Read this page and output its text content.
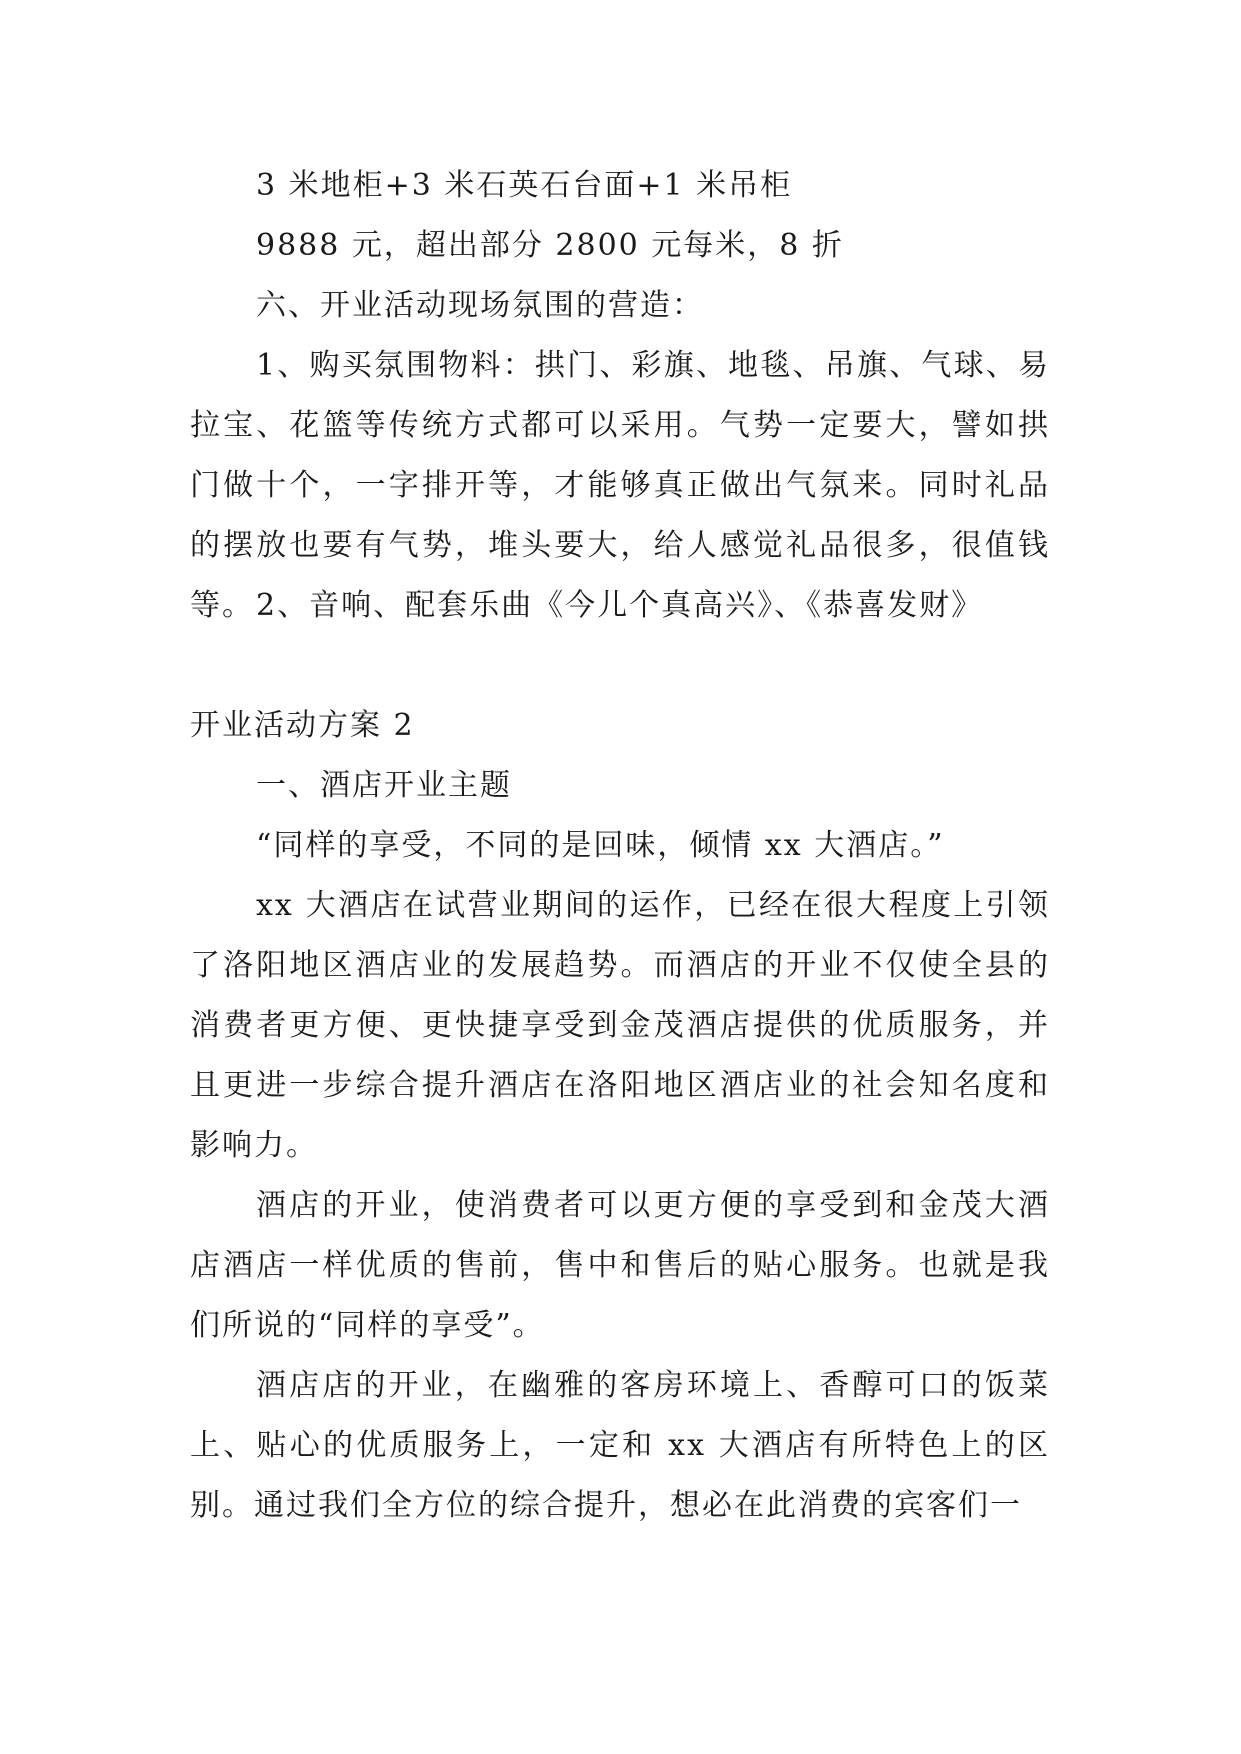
3 米地柜+3 米石英石台面+1 米吊柜
9888 元，超出部分 2800 元每米，8 折
六、开业活动现场氛围的营造：
1、购买氛围物料：拱门、彩旗、地毯、吊旗、气球、易拉宝、花篮等传统方式都可以采用。气势一定要大，譬如拱门做十个，一字排开等，才能够真正做出气氛来。同时礼品的摆放也要有气势，堆头要大，给人感觉礼品很多，很值钱等。 2、音响、配套乐曲《今儿个真高兴》、《恭喜发财》
开业活动方案 2
一、酒店开业主题
“同样的享受，不同的是回味，倾情 xx 大酒店。”
xx 大酒店在试营业期间的运作，已经在很大程度上引领了洛阳地区酒店业的发展趋势。而酒店的开业不仅使全县的消费者更方便、更快捷享受到金茂酒店提供的优质服务，并且更进一步综合提升酒店在洛阳地区酒店业的社会知名度和影响力。
酒店的开业，使消费者可以更方便的享受到和金茂大酒店酒店一样优质的售前，售中和售后的贴心服务。也就是我们所说的“同样的享受”。
酒店店的开业，在幽雅的客房环境上、香醇可口的饭菜上、贴心的优质服务上，一定和 xx 大酒店有所特色上的区别。通过我们全方位的综合提升，想必在此消费的宾客们一
